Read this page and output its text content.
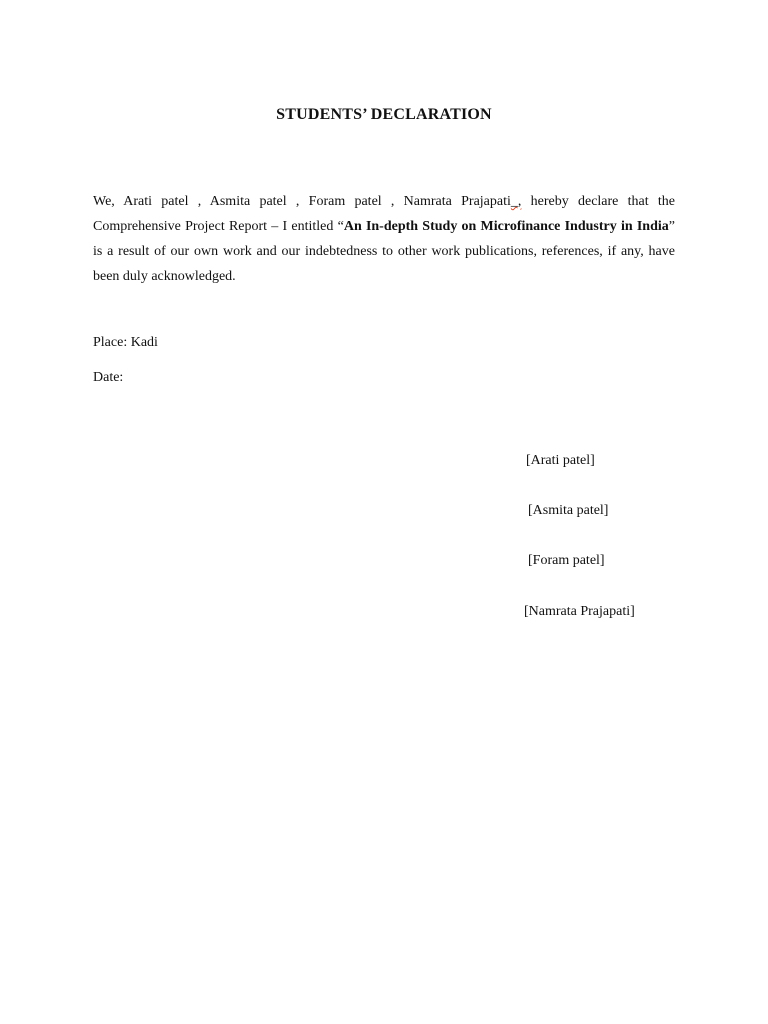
STUDENTS’ DECLARATION
We, Arati patel , Asmita patel , Foram patel , Namrata Prajapati_, hereby declare that the Comprehensive Project Report – I entitled “An In-depth Study on Microfinance Industry in India” is a result of our own work and our indebtedness to other work publications, references, if any, have been duly acknowledged.
Place: Kadi
Date:
[Arati patel]
[Asmita patel]
[Foram patel]
[Namrata Prajapati]
